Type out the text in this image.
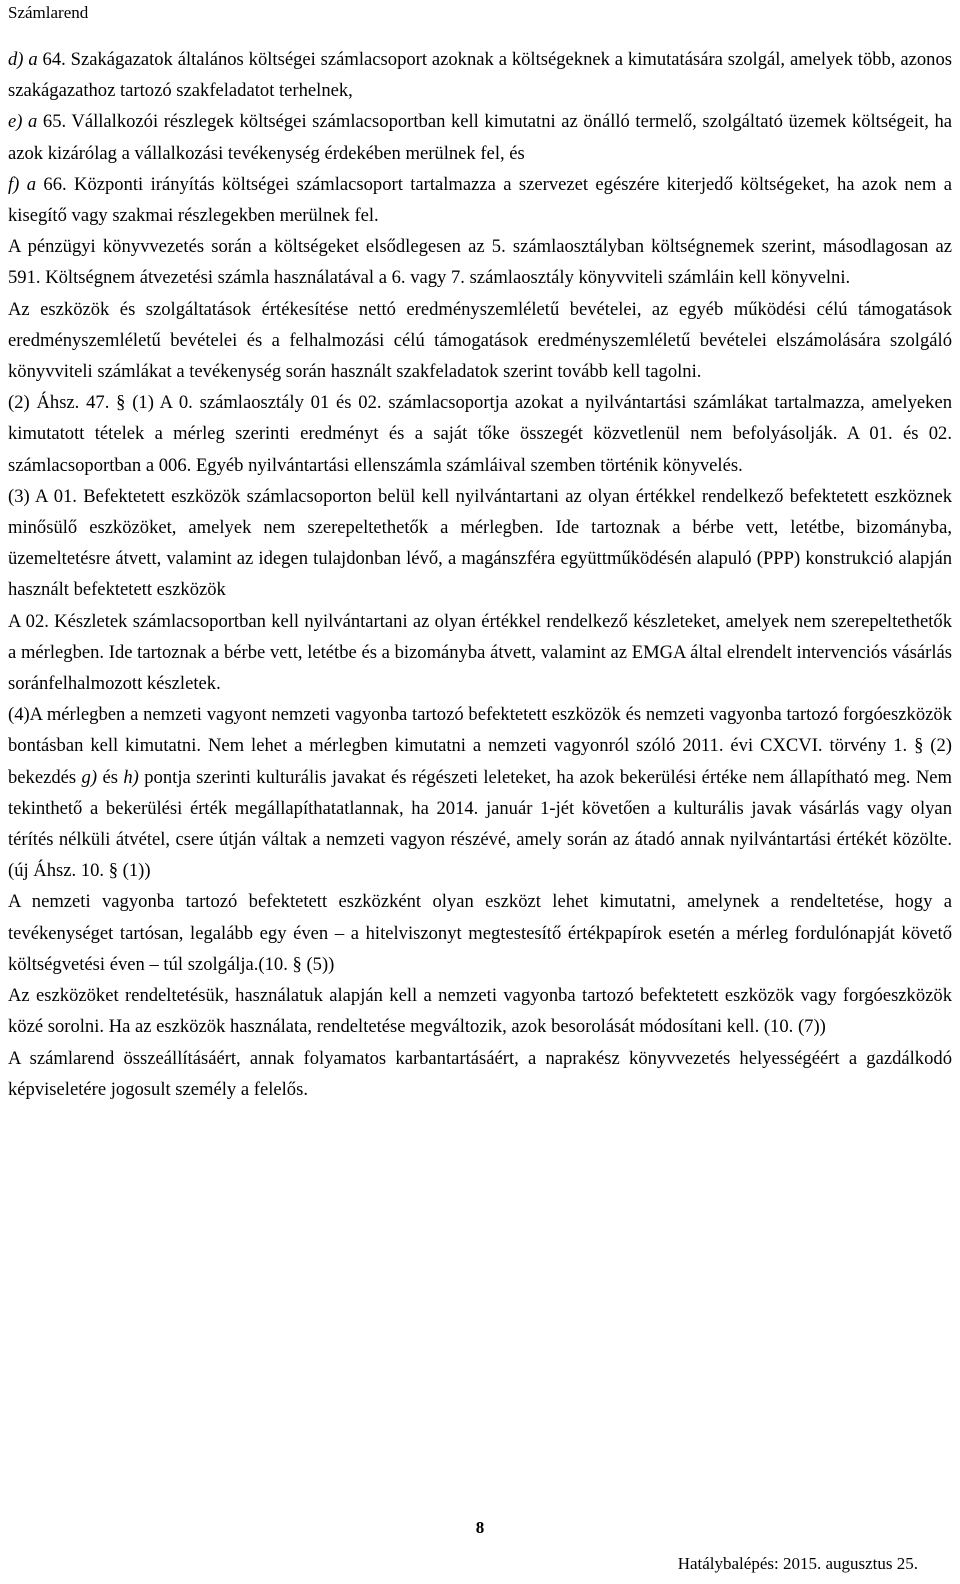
Számlarend

d) a 64. Szakágazatok általános költségei számlacsoport azoknak a költségeknek a kimutatására szolgál, amelyek több, azonos szakágazathoz tartozó szakfeladatot terhelnek,

e) a 65. Vállalkozói részlegek költségei számlacsoportban kell kimutatni az önálló termelő, szolgáltató üzemek költségeit, ha azok kizárólag a vállalkozási tevékenység érdekében merülnek fel, és

f) a 66. Központi irányítás költségei számlacsoport tartalmazza a szervezet egészére kiterjedő költségeket, ha azok nem a kisegítő vagy szakmai részlegekben merülnek fel.

A pénzügyi könyvvezetés során a költségeket elsődlegesen az 5. számlaosztályban költségnemek szerint, másodlagosan az 591. Költségnem átvezetési számla használatával a 6. vagy 7. számlaosztály könyvviteli számláin kell könyvelni.

Az eszközök és szolgáltatások értékesítése nettó eredményszemléletű bevételei, az egyéb működési célú támogatások eredményszemléletű bevételei és a felhalmozási célú támogatások eredményszemléletű bevételei elszámolására szolgáló könyvviteli számlákat a tevékenység során használt szakfeladatok szerint tovább kell tagolni.

(2) Áhsz. 47. § (1) A 0. számlaosztály 01 és 02. számlacsoportja azokat a nyilvántartási számlákat tartalmazza, amelyeken kimutatott tételek a mérleg szerinti eredményt és a saját tőke összegét közvetlenül nem befolyásolják. A 01. és 02. számlacsoportban a 006. Egyéb nyilvántartási ellenszámla számláival szemben történik könyvelés.

(3) A 01. Befektetett eszközök számlacsoporton belül kell nyilvántartani az olyan értékkel rendelkező befektetett eszköznek minősülő eszközöket, amelyek nem szerepeltethetők a mérlegben. Ide tartoznak a bérbe vett, letétbe, bizományba, üzemeltetésre átvett, valamint az idegen tulajdonban lévő, a magánszféra együttműködésén alapuló (PPP) konstrukció alapján használt befektetett eszközök

A 02. Készletek számlacsoportban kell nyilvántartani az olyan értékkel rendelkező készleteket, amelyek nem szerepeltethetők a mérlegben. Ide tartoznak a bérbe vett, letétbe és a bizományba átvett, valamint az EMGA által elrendelt intervenciós vásárlás soránfelhalmozott készletek.

(4)A mérlegben a nemzeti vagyont nemzeti vagyonba tartozó befektetett eszközök és nemzeti vagyonba tartozó forgóeszközök bontásban kell kimutatni. Nem lehet a mérlegben kimutatni a nemzeti vagyonról szóló 2011. évi CXCVI. törvény 1. § (2) bekezdés g) és h) pontja szerinti kulturális javakat és régészeti leleteket, ha azok bekerülési értéke nem állapítható meg. Nem tekinthető a bekerülési érték megállapíthatatlannak, ha 2014. január 1-jét követően a kulturális javak vásárlás vagy olyan térítés nélküli átvétel, csere útján váltak a nemzeti vagyon részévé, amely során az átadó annak nyilvántartási értékét közölte. (új Áhsz. 10. § (1))

A nemzeti vagyonba tartozó befektetett eszközként olyan eszközt lehet kimutatni, amelynek a rendeltetése, hogy a tevékenységet tartósan, legalább egy éven – a hitelviszonyt megtestesítő értékpapírok esetén a mérleg fordulónapját követő költségvetési éven – túl szolgálja.(10. § (5))

Az eszközöket rendeltetésük, használatuk alapján kell a nemzeti vagyonba tartozó befektetett eszközök vagy forgóeszközök közé sorolni. Ha az eszközök használata, rendeltetése megváltozik, azok besorolását módosítani kell. (10. (7))

A számlarend összeállításáért, annak folyamatos karbantartásáért, a naprakész könyvvezetés helyességéért a gazdálkodó képviseletére jogosult személy a felelős.

8
Hatálybalépés: 2015. augusztus 25.
